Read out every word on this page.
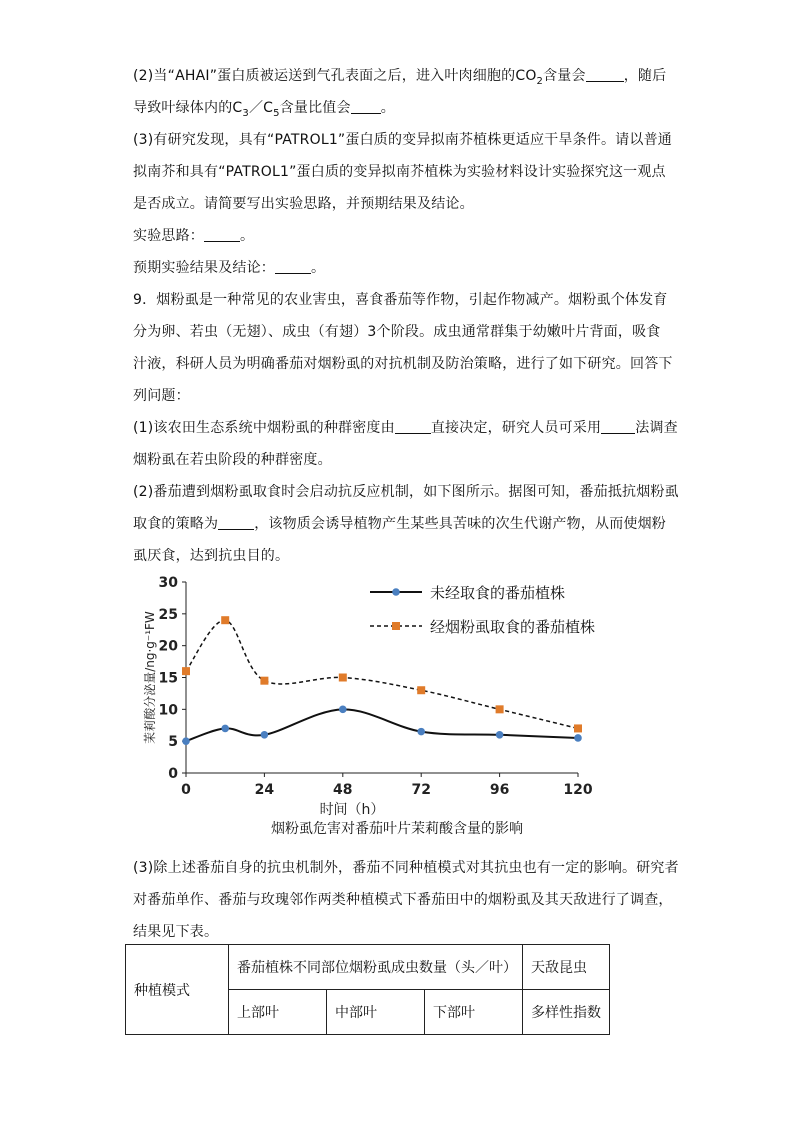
(2)当“AHAI”蛋白质被运送到气孔表面之后，进入叶肉细胞的$CO_2$含量会	，随后
导致叶绿体内的$C_3/C_5$含量比值会 。
(3)有研究发现，具有“PATROL1”蛋白质的变异拟南芥植株更适应干旱条件。请以普通
拟南芥和具有“PATROL1”蛋白质的变异拟南芥植株为实验材料设计实验探究这一观点
是否成立。请简要写出实验思路，并预期结果及结论。
实验思路：	。
预期实验结果及结论：	。
9．烟粉虱是一种常见的农业害虫，喜食番茄等作物，引起作物减产。烟粉虱个体发育
分为卵、若虫（无翅）、成虫（有翅）3个阶段。成虫通常群集于幼嫩叶片背面，吸食
汁液，科研人员为明确番茄对烟粉虱的对抗机制及防治策略，进行了如下研究。回答下
列问题：
(1)该农田生态系统中烟粉虱的种群密度由	直接决定，研究人员可采用 法调查
烟粉虱在若虫阶段的种群密度。
(2)番茄遭到烟粉虱取食时会启动抗反应机制，如下图所示。据图可知，番茄抵抗烟粉虱
取食的策略为	，该物质会诱导植物产生某些具苦味的次生代谢产物，从而使烟粉
虱厌食，达到抗虫目的。
0
5
10
15
20
25
30
0	24	48	72	96	120
时间（h）
茉莉酸分泌量/ng·g⁻¹FW
未经取食的番茄植株
经烟粉虱取食的番茄植株
烟粉虱危害对番茄叶片茉莉酸含量的影响
(3)除上述番茄自身的抗虫机制外，番茄不同种植模式对其抗虫也有一定的影响。研究者
对番茄单作、番茄与玫瑰邻作两类种植模式下番茄田中的烟粉虱及其天敌进行了调查，
结果见下表。
种植模式	番茄植株不同部位烟粉虱成虫数量（头／叶）			天敌昆虫
	上部叶	中部叶	下部叶	多样性指数
